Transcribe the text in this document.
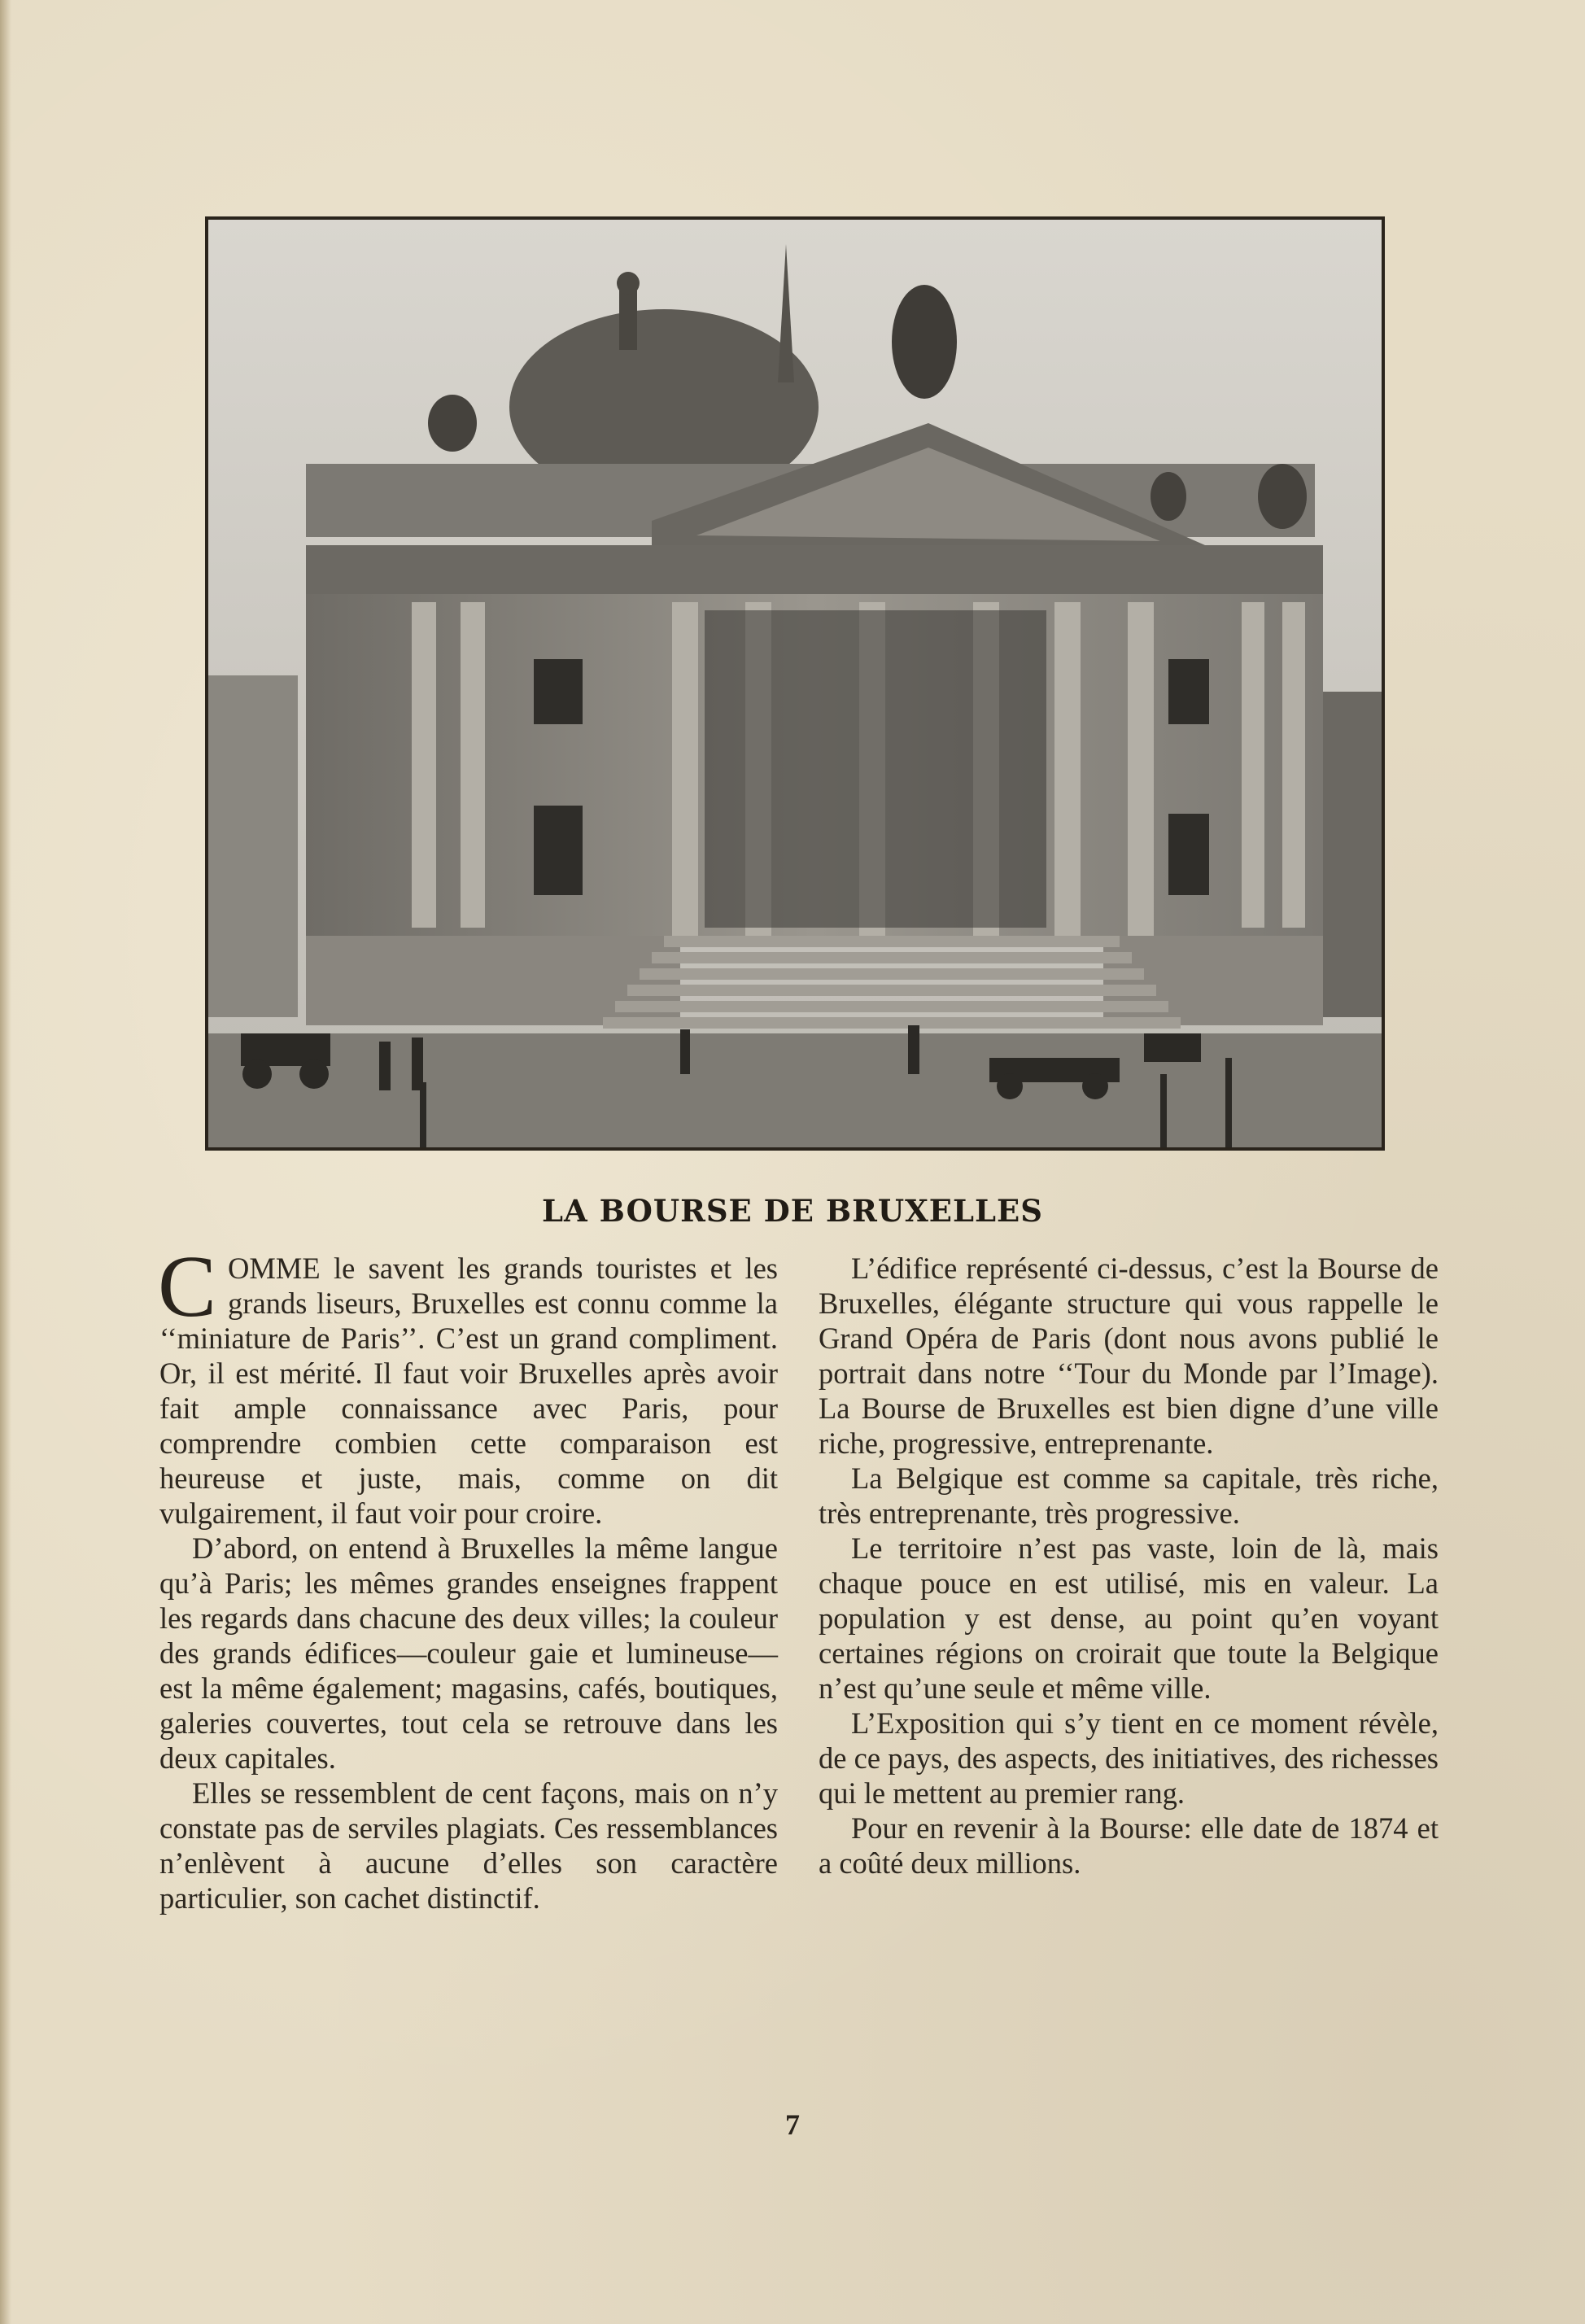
LA BOURSE DE BRUXELLES

COMME le savent les grands touristes et les grands liseurs, Bruxelles est connu comme la ‘‘miniature de Paris’’. C’est un grand compliment. Or, il est mérité. Il faut voir Bruxelles après avoir fait ample connaissance avec Paris, pour comprendre combien cette comparaison est heureuse et juste, mais, comme on dit vulgairement, il faut voir pour croire.

D’abord, on entend à Bruxelles la même langue qu’à Paris; les mêmes grandes enseignes frappent les regards dans chacune des deux villes; la couleur des grands édifices—couleur gaie et lumineuse—est la même également; magasins, cafés, boutiques, galeries couvertes, tout cela se retrouve dans les deux capitales.

Elles se ressemblent de cent façons, mais on n’y constate pas de serviles plagiats. Ces ressemblances n’enlèvent à aucune d’elles son caractère particulier, son cachet distinctif.

L’édifice représenté ci-dessus, c’est la Bourse de Bruxelles, élégante structure qui vous rappelle le Grand Opéra de Paris (dont nous avons publié le portrait dans notre ‘‘Tour du Monde par l’Image). La Bourse de Bruxelles est bien digne d’une ville riche, progressive, entreprenante.

La Belgique est comme sa capitale, très riche, très entreprenante, très progressive.

Le territoire n’est pas vaste, loin de là, mais chaque pouce en est utilisé, mis en valeur. La population y est dense, au point qu’en voyant certaines régions on croirait que toute la Belgique n’est qu’une seule et même ville.

L’Exposition qui s’y tient en ce moment révèle, de ce pays, des aspects, des initiatives, des richesses qui le mettent au premier rang.

Pour en revenir à la Bourse: elle date de 1874 et a coûté deux millions.

7
